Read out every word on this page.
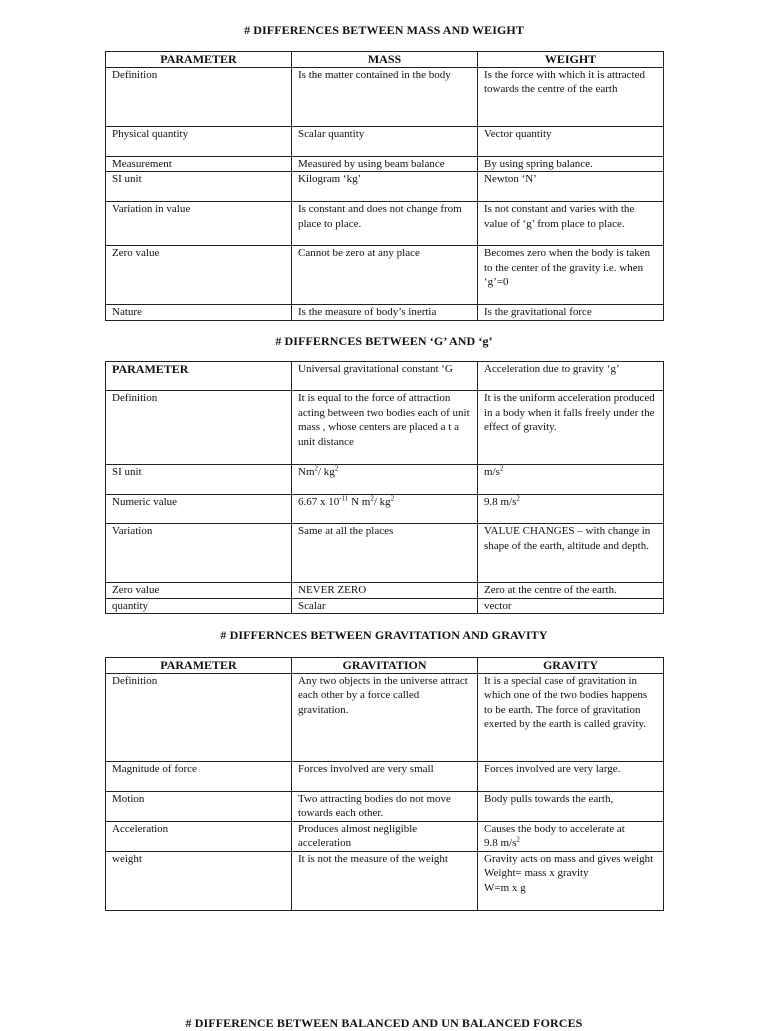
# DIFFERENCES BETWEEN MASS AND WEIGHT
PARAMETER	MASS	WEIGHT
Definition	Is the matter contained in the body	Is the force with which it is attracted towards the centre of the earth
Physical quantity	Scalar quantity	Vector quantity
Measurement	Measured by using beam balance	By using spring balance.
SI unit	Kilogram ‘kg’	Newton ‘N’
Variation in value	Is constant and does not change from place to place.	Is not constant and varies with the value of ‘g’ from place to place.
Zero value	Cannot be zero at any place	Becomes zero when the body is taken to the center of the gravity i.e. when ‘g’=0
Nature	Is the measure of body’s inertia	Is the gravitational force
# DIFFERNCES BETWEEN ‘G’ AND ‘g’
PARAMETER	Universal gravitational constant ‘G	Acceleration due to gravity ‘g’
Definition	It is equal to the force of attraction acting between two bodies each of unit mass , whose centers are placed a t a unit distance	It is the uniform acceleration produced in a body when it falls freely under the effect of gravity.
SI unit	Nm$^2$/ $kg^2$	$m/s^2$
Numeric value	6.67 x $10^{-11}$ N $m^2/$ $kg^2$	9.8 $m/s^2$
Variation	Same at all the places	VALUE CHANGES – with change in shape of the earth, altitude and depth.
Zero value	NEVER ZERO	Zero at the centre of the earth.
quantity	Scalar	vector
# DIFFERNCES BETWEEN GRAVITATION AND GRAVITY
PARAMETER	GRAVITATION	GRAVITY
Definition	Any two objects in the universe attract each other by a force called gravitation.	It is a special case of gravitation in which one of the two bodies happens to be earth. The force of gravitation exerted by the earth is called gravity.
Magnitude of force	Forces involved are very small	Forces involved are very large.
Motion	Two attracting bodies do not move towards each other.	Body pulls towards the earth,
Acceleration	Produces almost negligible acceleration	Causes the body to accelerate at
9.8 $m/s^2$

weight	It is not the measure of the weight	Gravity acts on mass and gives weight
Weight= mass x gravity
W=m x g
# DIFFERENCE BETWEEN BALANCED AND UN BALANCED FORCES
